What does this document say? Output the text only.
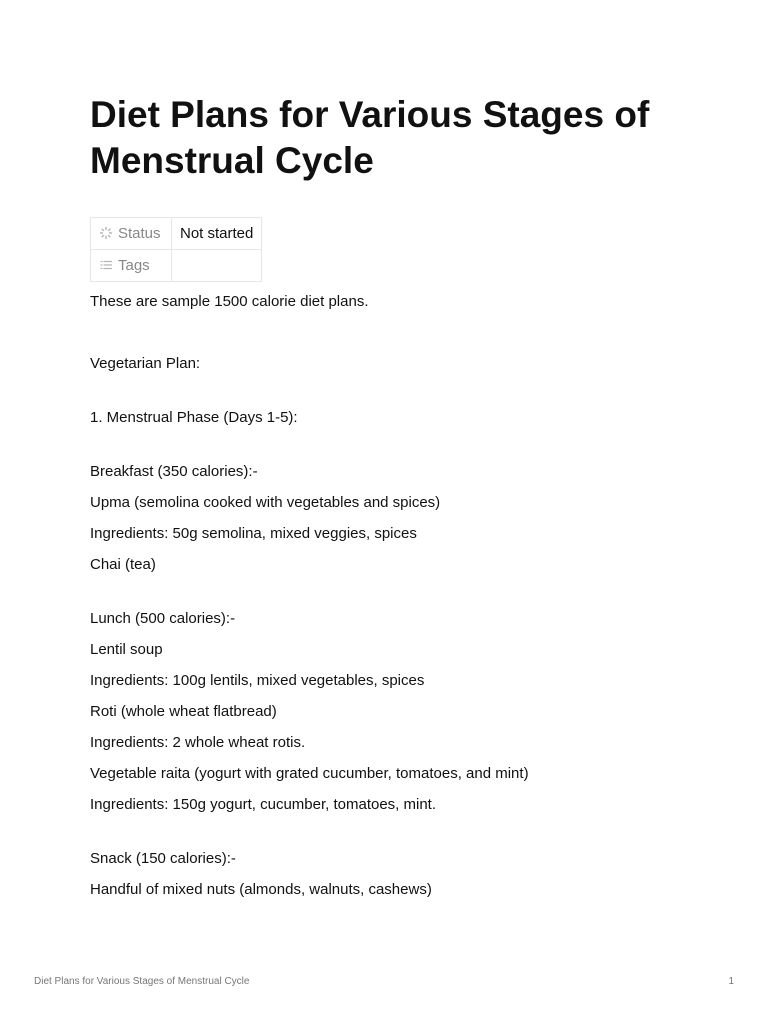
Diet Plans for Various Stages of Menstrual Cycle
Status	Not started
Tags	

These are sample 1500 calorie diet plans.

Vegetarian Plan:

1. Menstrual Phase (Days 1-5):

Breakfast (350 calories):-

Upma (semolina cooked with vegetables and spices)

Ingredients: 50g semolina, mixed veggies, spices

Chai (tea)

Lunch (500 calories):-

Lentil soup

Ingredients: 100g lentils, mixed vegetables, spices

Roti (whole wheat flatbread)

Ingredients: 2 whole wheat rotis.

Vegetable raita (yogurt with grated cucumber, tomatoes, and mint)

Ingredients: 150g yogurt, cucumber, tomatoes, mint.

Snack (150 calories):-

Handful of mixed nuts (almonds, walnuts, cashews)

Diet Plans for Various Stages of Menstrual Cycle	1
